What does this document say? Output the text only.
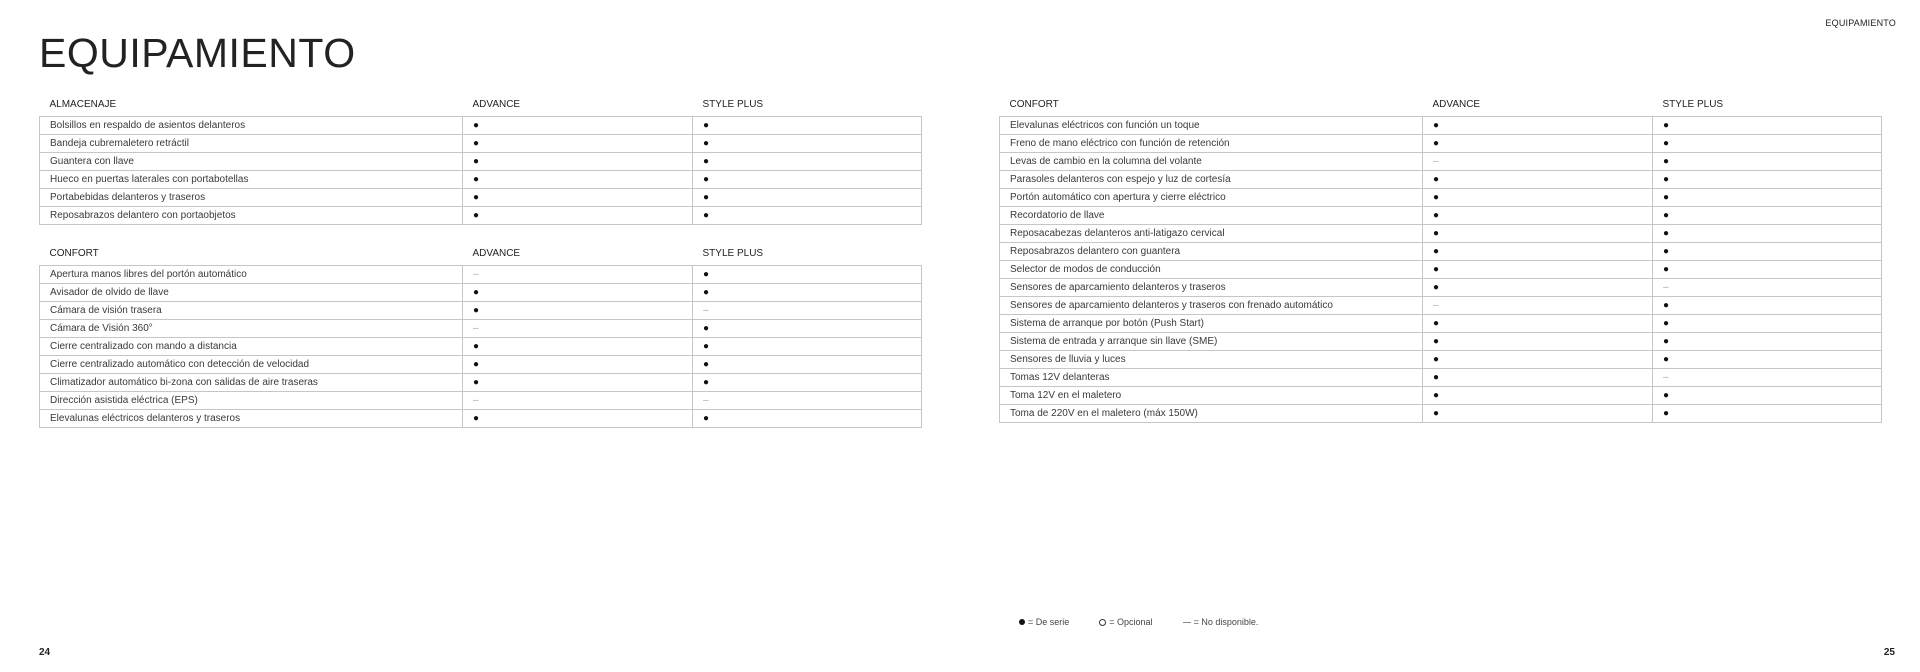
EQUIPAMIENTO
EQUIPAMIENTO
ALMACENAJE	ADVANCE	STYLE PLUS
Bolsillos en respaldo de asientos delanteros	●	●
Bandeja cubremaletero retráctil	●	●
Guantera con llave	●	●
Hueco en puertas laterales con portabotellas	●	●
Portabebidas delanteros y traseros	●	●
Reposabrazos delantero con portaobjetos	●	●
CONFORT	ADVANCE	STYLE PLUS
Apertura manos libres del portón automático	–	●
Avisador de olvido de llave	●	●
Cámara de visión trasera	●	–
Cámara de Visión 360°	–	●
Cierre centralizado con mando a distancia	●	●
Cierre centralizado automático con detección de velocidad	●	●
Climatizador automático bi-zona con salidas de aire traseras	●	●
Dirección asistida eléctrica (EPS)	–	–
Elevalunas eléctricos delanteros y traseros	●	●
CONFORT	ADVANCE	STYLE PLUS
Elevalunas eléctricos con función un toque	●	●
Freno de mano eléctrico con función de retención	●	●
Levas de cambio en la columna del volante	–	●
Parasoles delanteros con espejo y luz de cortesía	●	●
Portón automático con apertura y cierre eléctrico	●	●
Recordatorio de llave	●	●
Reposacabezas delanteros anti-latigazo cervical	●	●
Reposabrazos delantero con guantera	●	●
Selector de modos de conducción	●	●
Sensores de aparcamiento delanteros y traseros	●	–
Sensores de aparcamiento delanteros y traseros con frenado automático	–	●
Sistema de arranque por botón (Push Start)	●	●
Sistema de entrada y arranque sin llave (SME)	●	●
Sensores de lluvia y luces	●	●
Tomas 12V delanteras	●	–
Toma 12V en el maletero	●	●
Toma de 220V en el maletero (máx 150W)	●	●
= De serie	= Opcional	= No disponible.
24	25
